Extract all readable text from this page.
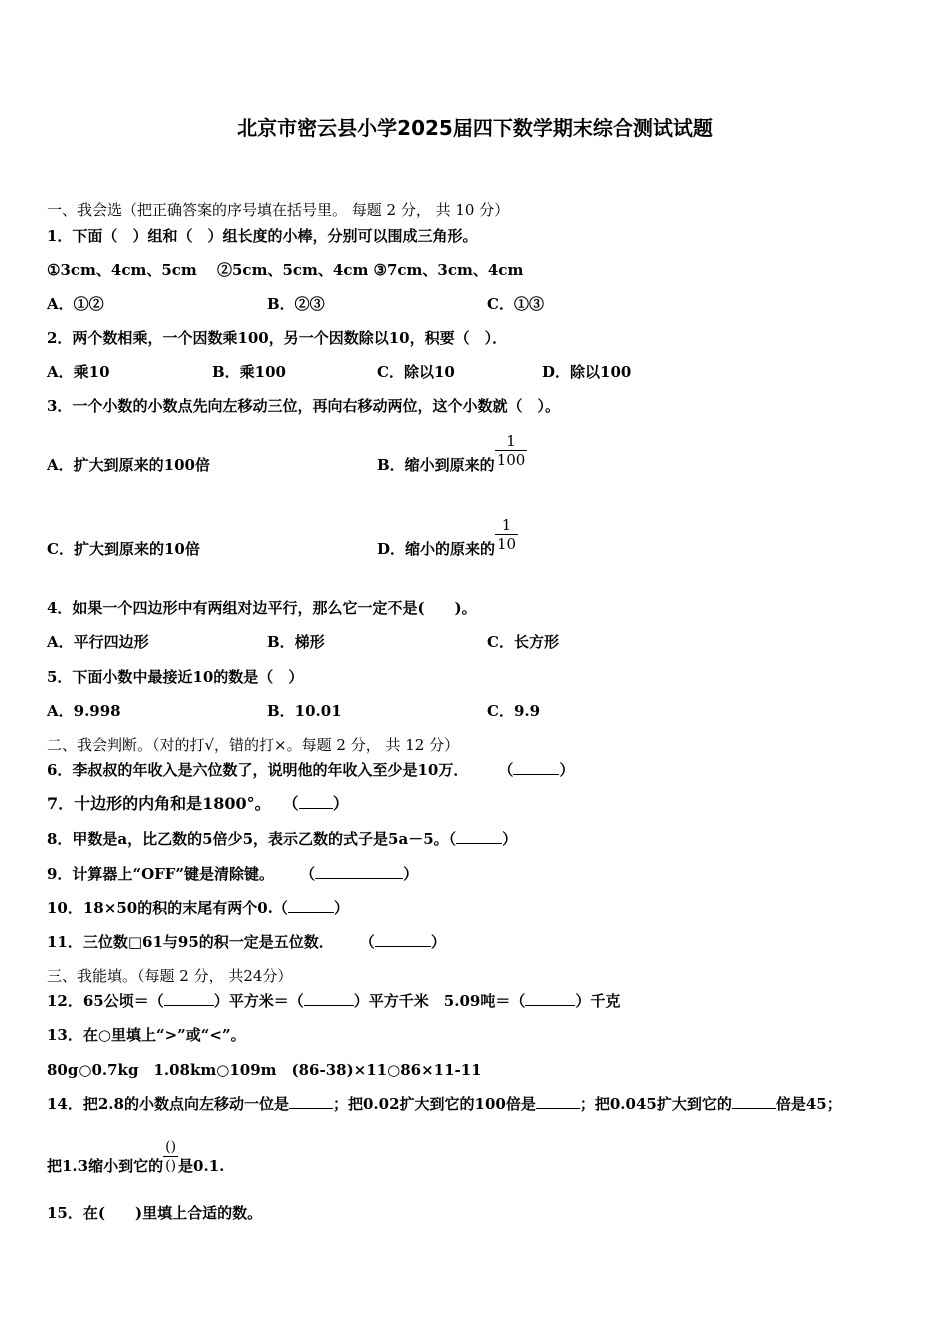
北京市密云县小学2025届四下数学期末综合测试试题
一、我会选（把正确答案的序号填在括号里。 每题 2 分， 共 10 分）
1．下面（　）组和（　）组长度的小棒，分别可以围成三角形。
①3cm、4cm、5cm　 ②5cm、5cm、4cm ③7cm、3cm、4cm
A．①②	B．②③	C．①③
2．两个数相乘，一个因数乘100，另一个因数除以10，积要（　）．
A．乘10	B．乘100	C．除以10	D．除以100
3．一个小数的小数点先向左移动三位，再向右移动两位，这个小数就（　）。
A．扩大到原来的100倍	B．缩小到原来的 $\frac{1}{100}$
C．扩大到原来的10倍	D．缩小的原来的 $\frac{1}{10}$
4．如果一个四边形中有两组对边平行，那么它一定不是(　　)。
A．平行四边形	B．梯形	C．长方形
5．下面小数中最接近10的数是（　）
A．9.998	B．10.01	C．9.9
二、我会判断。（对的打√，错的打×。每题 2 分， 共 12 分）
6．李叔叔的年收入是六位数了，说明他的年收入至少是10万． （	）
7．十边形的内角和是1800°。 （ ）
8．甲数是a，比乙数的5倍少5，表示乙数的式子是5a－5。（	）
9．计算器上“OFF”键是清除键。 （	）
10．18×50的积的末尾有两个0.（	）
11．三位数□61与95的积一定是五位数． （	）
三、我能填。（每题 2 分， 共24分）
12．65公顷＝（	）平方米＝（	）平方千米　5.09吨＝（	）千克
13．在○里填上“>”或“<”。
80g○0.7kg　1.08km○109m　(86-38)×11○86×11-11
14．把2.8的小数点向左移动一位是	；把0.02扩大到它的100倍是	；把0.045扩大到它的	倍是45；
把1.3缩小到它的 $\frac{()}{()}$ 是0.1.
15．在(　　)里填上合适的数。
